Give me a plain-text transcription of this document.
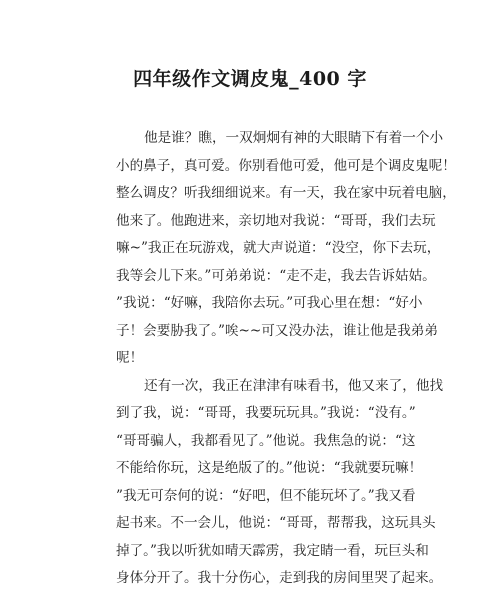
四年级作文调皮鬼_400 字
他是谁？瞧，一双炯炯有神的大眼睛下有着一个小
小的鼻子，真可爱。你别看他可爱，他可是个调皮鬼呢！
整么调皮？听我细细说来。有一天，我在家中玩着电脑，
他来了。他跑进来，亲切地对我说：“哥哥，我们去玩
嘛~”我正在玩游戏，就大声说道：“没空，你下去玩，
我等会儿下来。”可弟弟说：“走不走，我去告诉姑姑。
”我说：“好嘛，我陪你去玩。”可我心里在想：“好小
子！会要胁我了。”唉~~可又没办法，谁让他是我弟弟
呢！
还有一次，我正在津津有味看书，他又来了，他找
到了我，说：“哥哥，我要玩玩具。”我说：“没有。”
“哥哥骗人，我都看见了。”他说。我焦急的说：“这
不能给你玩，这是绝版了的。”他说：“我就要玩嘛！
”我无可奈何的说：“好吧，但不能玩坏了。”我又看
起书来。不一会儿，他说：“哥哥，帮帮我，这玩具头
掉了。”我以听犹如晴天霹雳，我定睛一看，玩巨头和
身体分开了。我十分伤心，走到我的房间里哭了起来。
